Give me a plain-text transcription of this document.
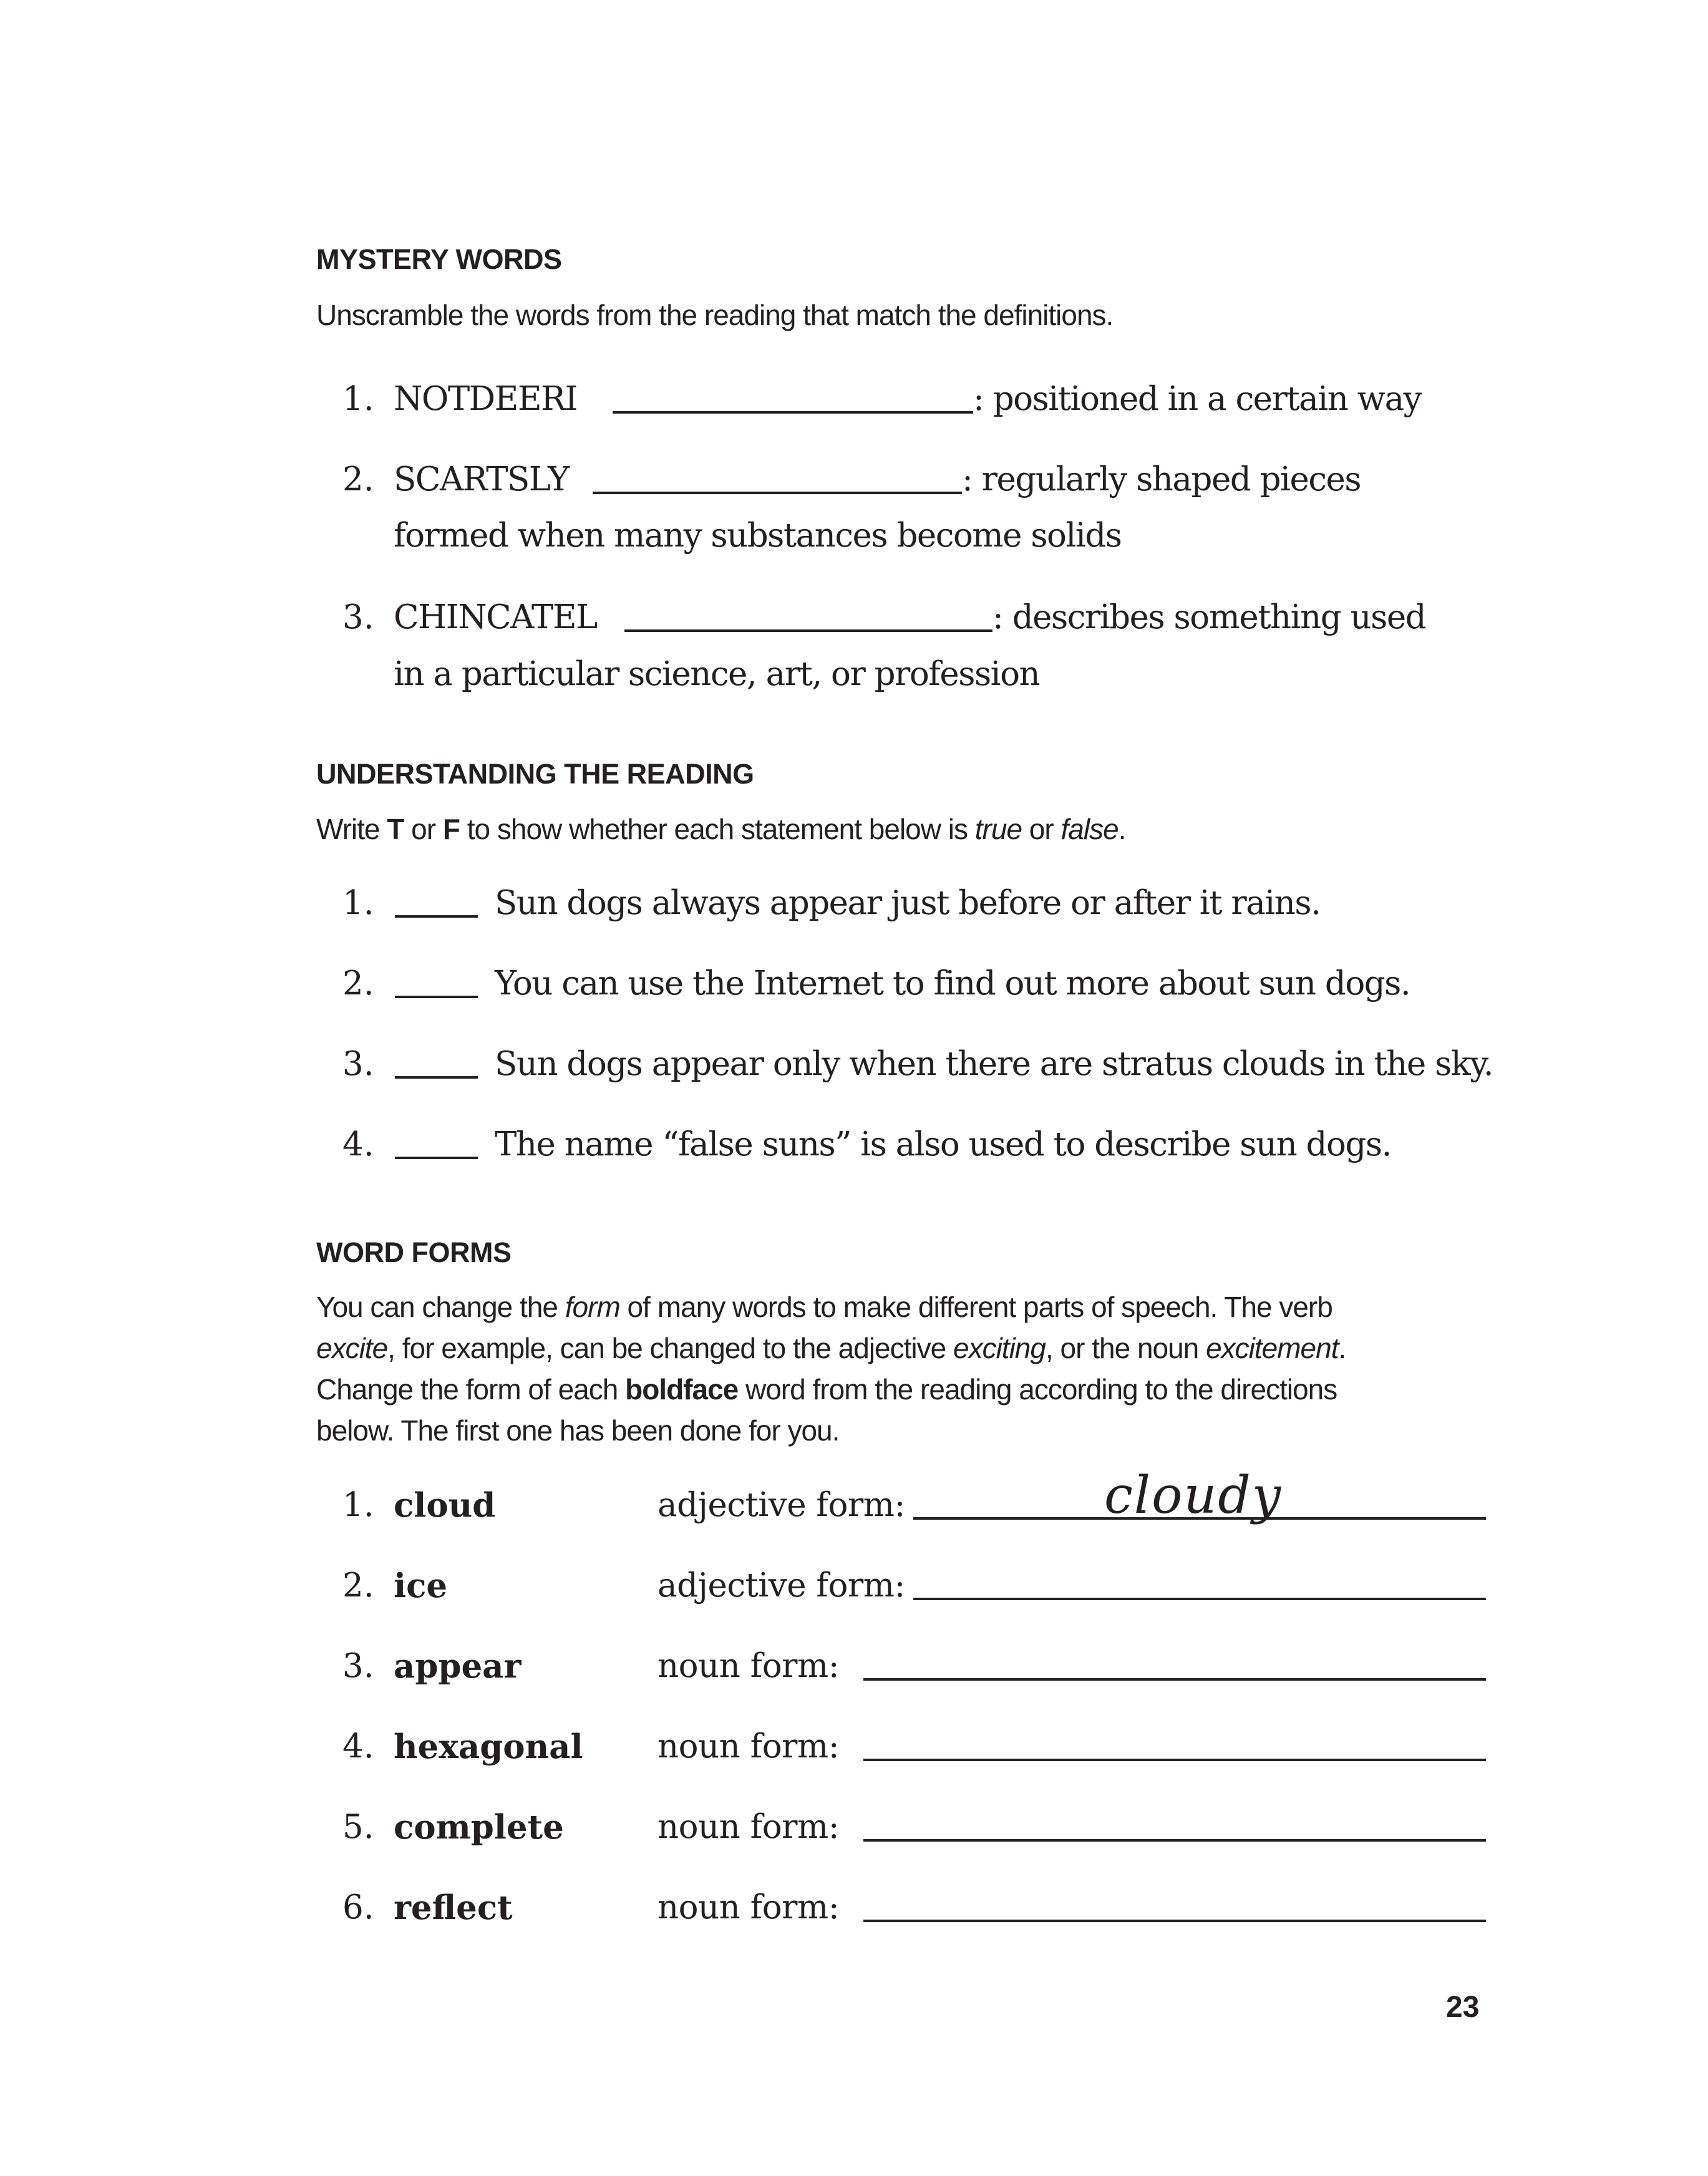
MYSTERY WORDS
Unscramble the words from the reading that match the definitions.
1. NOTDEERI	: positioned in a certain way
2. SCARTSLY	: regularly shaped pieces
formed when many substances become solids
3. CHINCATEL	: describes something used
in a particular science, art, or profession
UNDERSTANDING THE READING
Write T or F to show whether each statement below is true or false.
1.	Sun dogs always appear just before or after it rains.
2.	You can use the Internet to find out more about sun dogs.
3.	Sun dogs appear only when there are stratus clouds in the sky.
4.	The name “false suns” is also used to describe sun dogs.
WORD FORMS
You can change the form of many words to make different parts of speech. The verb
excite, for example, can be changed to the adjective exciting, or the noun excitement.
Change the form of each boldface word from the reading according to the directions
below. The first one has been done for you.
1. cloud	adjective form:	cloudy
2. ice	adjective form:
3. appear	noun form:
4. hexagonal noun form:
5. complete	noun form:
6. reflect	noun form:
23
